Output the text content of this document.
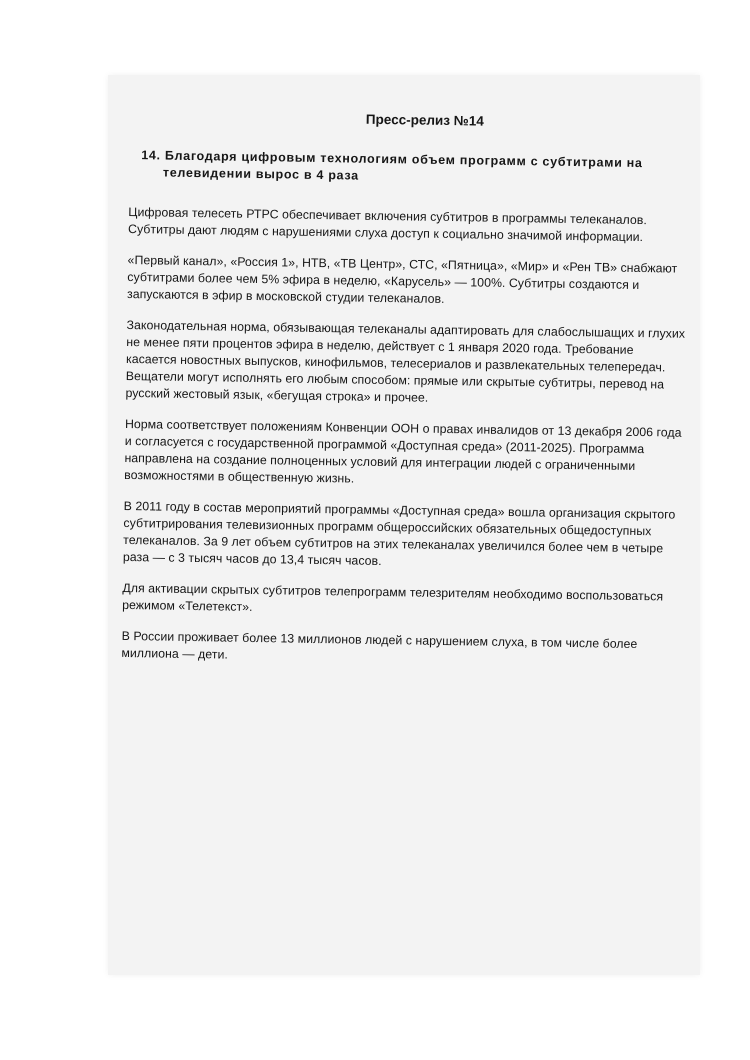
Пресс-релиз №14
14. Благодаря цифровым технологиям объем программ с субтитрами на
телевидении вырос в 4 раза

Цифровая телесеть РТРС обеспечивает включения субтитров в программы телеканалов. Субтитры дают людям с нарушениями слуха доступ к социально значимой информации.

«Первый канал», «Россия 1», НТВ, «ТВ Центр», СТС, «Пятница», «Мир» и «Рен ТВ» снабжают субтитрами более чем 5% эфира в неделю, «Карусель» — 100%. Субтитры создаются и запускаются в эфир в московской студии телеканалов.

Законодательная норма, обязывающая телеканалы адаптировать для слабослышащих и глухих не менее пяти процентов эфира в неделю, действует с 1 января 2020 года. Требование касается новостных выпусков, кинофильмов, телесериалов и развлекательных телепередач. Вещатели могут исполнять его любым способом: прямые или скрытые субтитры, перевод на русский жестовый язык, «бегущая строка» и прочее.

Норма соответствует положениям Конвенции ООН о правах инвалидов от 13 декабря 2006 года и согласуется с государственной программой «Доступная среда» (2011-2025). Программа направлена на создание полноценных условий для интеграции людей с ограниченными возможностями в общественную жизнь.

В 2011 году в состав мероприятий программы «Доступная среда» вошла организация скрытого субтитрирования телевизионных программ общероссийских обязательных общедоступных телеканалов. За 9 лет объем субтитров на этих телеканалах увеличился более чем в четыре раза — с 3 тысяч часов до 13,4 тысяч часов.

Для активации скрытых субтитров телепрограмм телезрителям необходимо воспользоваться режимом «Телетекст».

В России проживает более 13 миллионов людей с нарушением слуха, в том числе более миллиона — дети.
